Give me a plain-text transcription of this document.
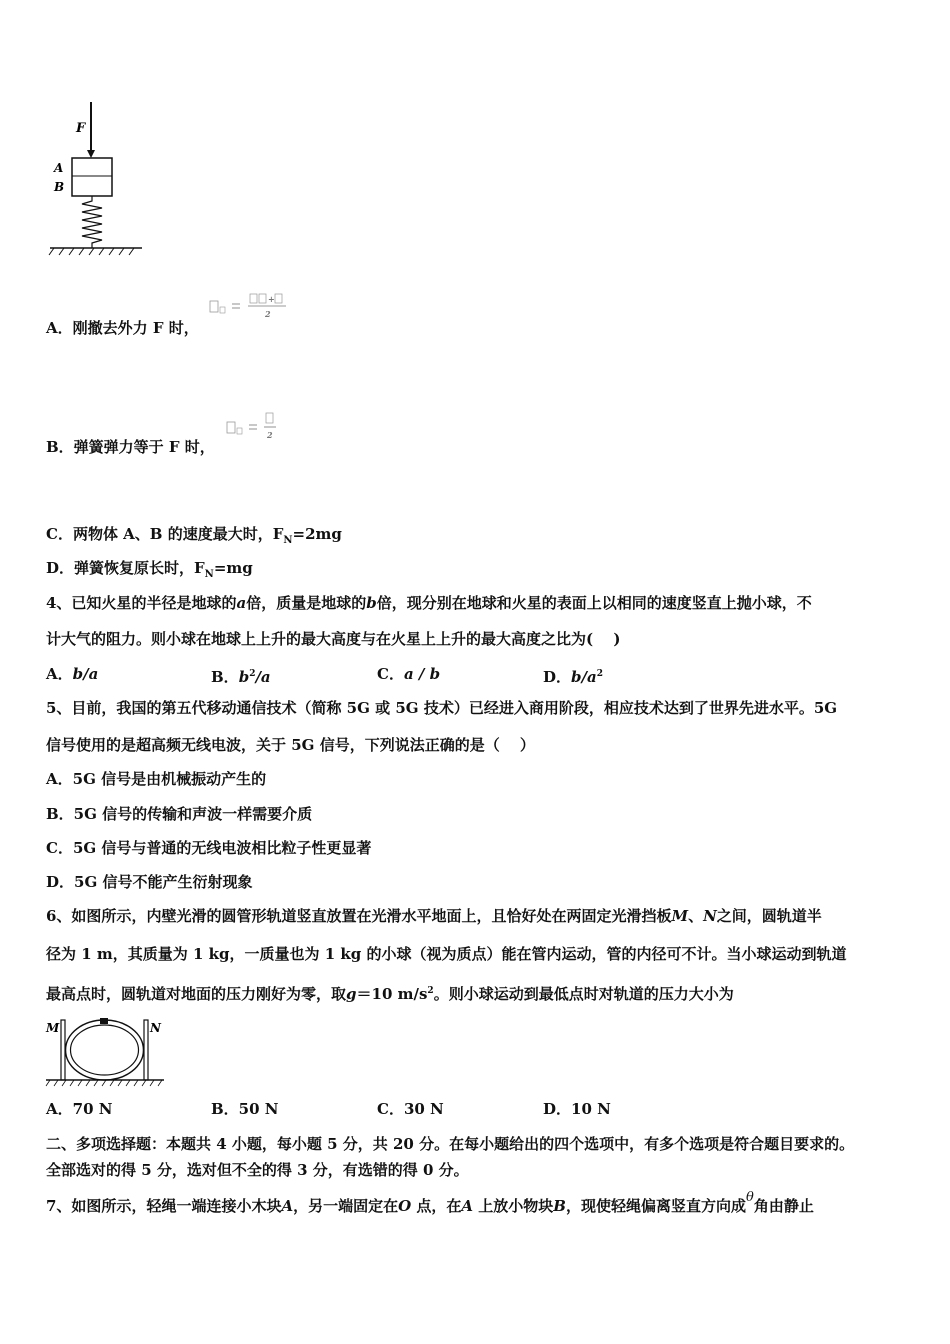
F
A
B
A．刚撤去外力 F 时，
+
2
B．弹簧弹力等于 F 时，
2
C．两物体 A、B 的速度最大时，$F_N=2mg$
D．弹簧恢复原长时，$F_N=mg$
4、已知火星的半径是地球的a倍，质量是地球的b倍，现分别在地球和火星的表面上以相同的速度竖直上抛小球，不
计大气的阻力。则小球在地球上上升的最大高度与在火星上上升的最大高度之比为(　 )
A．b/a	B．$b^2/a$	C．a / b	D．$b/a^2$
5、目前，我国的第五代移动通信技术（简称 5G 或 5G 技术）已经进入商用阶段，相应技术达到了世界先进水平。5G
信号使用的是超高频无线电波，关于 5G 信号，下列说法正确的是（　 ）
A．5G 信号是由机械振动产生的
B．5G 信号的传输和声波一样需要介质
C．5G 信号与普通的无线电波相比粒子性更显著
D．5G 信号不能产生衍射现象
6、如图所示，内壁光滑的圆管形轨道竖直放置在光滑水平地面上，且恰好处在两固定光滑挡板M、N之间，圆轨道半
径为 1 m，其质量为 1 kg，一质量也为 1 kg 的小球（视为质点）能在管内运动，管的内径可不计。当小球运动到轨道
最高点时，圆轨道对地面的压力刚好为零，取g＝10 $m/s^2$。则小球运动到最低点时对轨道的压力大小为
M	N
A．70 N	B．50 N	C．30 N	D．10 N
二、多项选择题：本题共 4 小题，每小题 5 分，共 20 分。在每小题给出的四个选项中，有多个选项是符合题目要求的。
全部选对的得 5 分，选对但不全的得 3 分，有选错的得 0 分。
7、如图所示，轻绳一端连接小木块A，另一端固定在O 点，在A 上放小物块B，现使轻绳偏离竖直方向成θ角由静止
